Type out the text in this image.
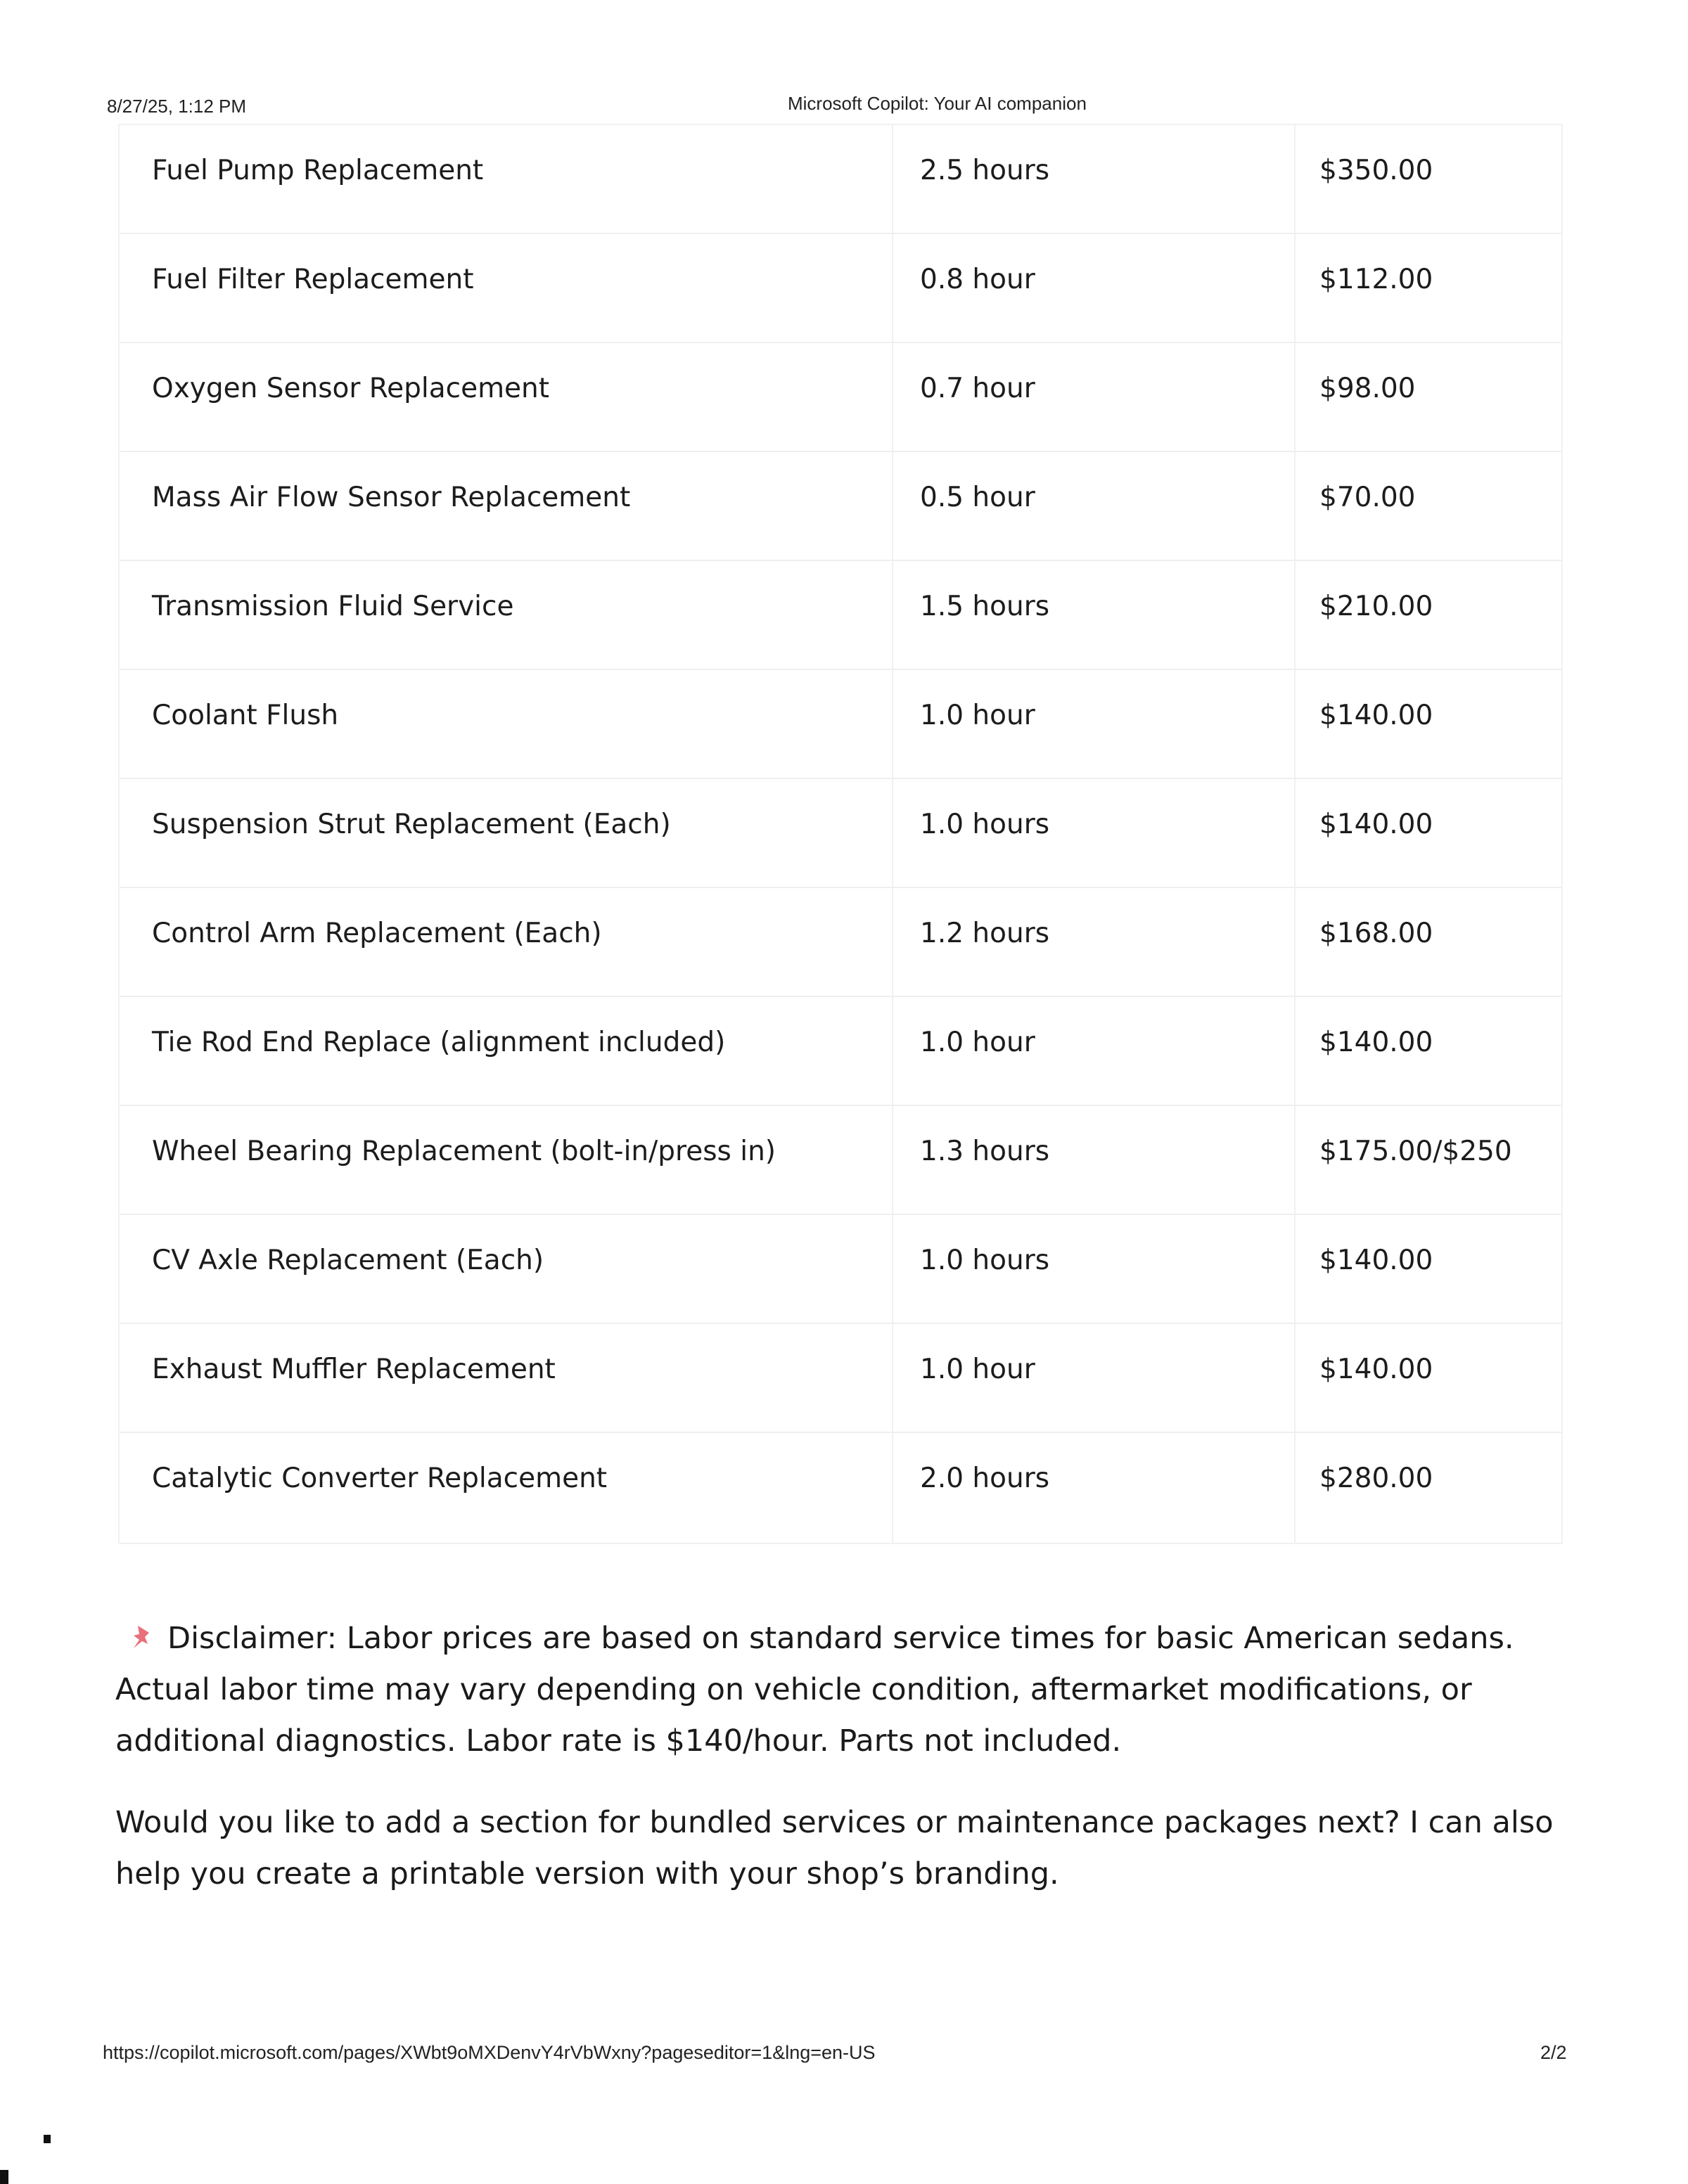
8/27/25, 1:12 PM	Microsoft Copilot: Your AI companion
Fuel Pump Replacement	2.5 hours	$350.00
Fuel Filter Replacement	0.8 hour	$112.00
Oxygen Sensor Replacement	0.7 hour	$98.00
Mass Air Flow Sensor Replacement	0.5 hour	$70.00
Transmission Fluid Service	1.5 hours	$210.00
Coolant Flush	1.0 hour	$140.00
Suspension Strut Replacement (Each)	1.0 hours	$140.00
Control Arm Replacement (Each)	1.2 hours	$168.00
Tie Rod End Replace (alignment included)	1.0 hour	$140.00
Wheel Bearing Replacement (bolt-in/press in)	1.3 hours	$175.00/$250
CV Axle Replacement (Each)	1.0 hours	$140.00
Exhaust Muffler Replacement	1.0 hour	$140.00
Catalytic Converter Replacement	2.0 hours	$280.00
Disclaimer: Labor prices are based on standard service times for basic American sedans. Actual labor time may vary depending on vehicle condition, aftermarket modifications, or additional diagnostics. Labor rate is $140/hour. Parts not included.
Would you like to add a section for bundled services or maintenance packages next? I can also help you create a printable version with your shop’s branding.
https://copilot.microsoft.com/pages/XWbt9oMXDenvY4rVbWxny?pageseditor=1&lng=en-US	2/2
